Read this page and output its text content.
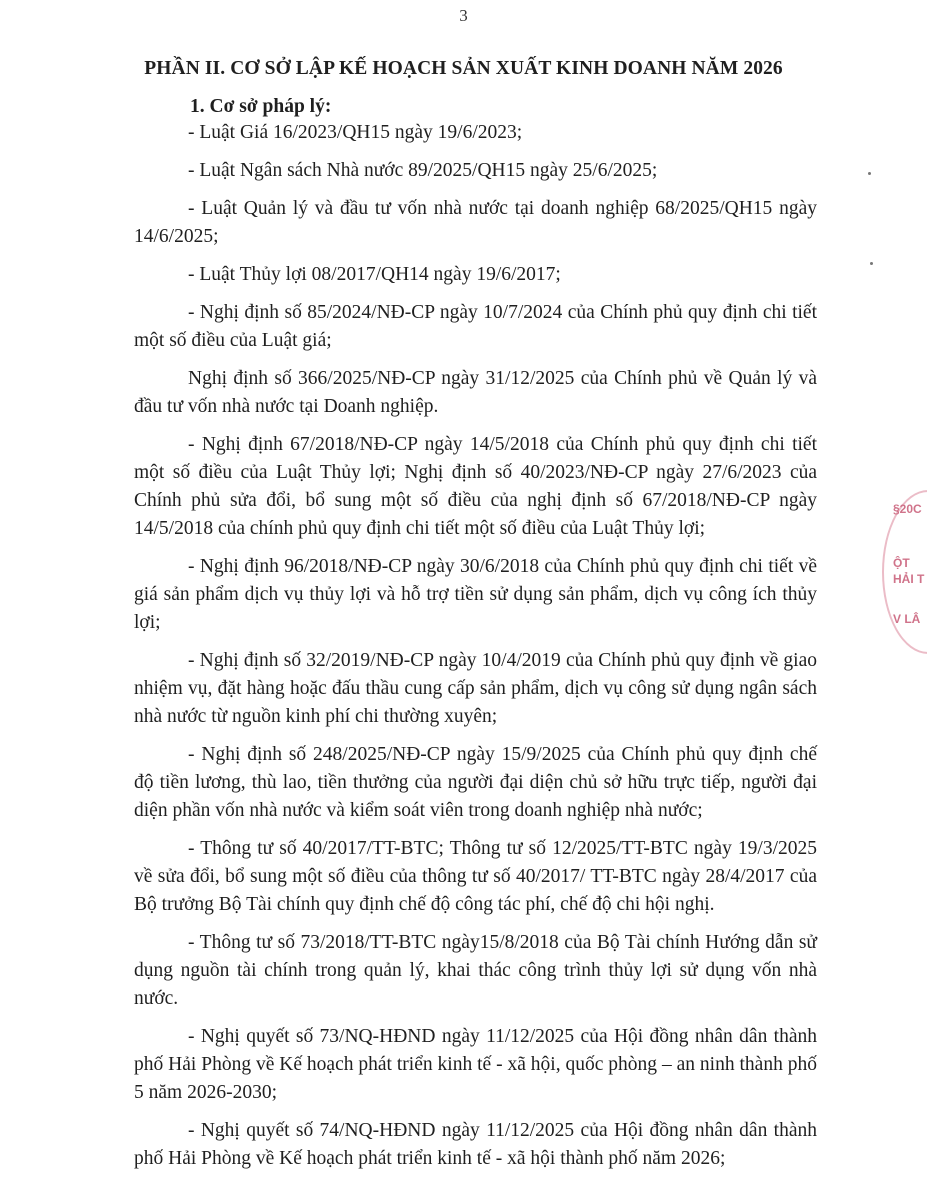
3
PHẦN II. CƠ SỞ LẬP KẾ HOẠCH SẢN XUẤT KINH DOANH NĂM 2026
1. Cơ sở pháp lý:

- Luật Giá 16/2023/QH15 ngày 19/6/2023;

- Luật Ngân sách Nhà nước 89/2025/QH15 ngày 25/6/2025;

- Luật Quản lý và đầu tư vốn nhà nước tại doanh nghiệp 68/2025/QH15 ngày 14/6/2025;

- Luật Thủy lợi 08/2017/QH14 ngày 19/6/2017;

- Nghị định số 85/2024/NĐ-CP ngày 10/7/2024 của Chính phủ quy định chi tiết một số điều của Luật giá;

Nghị định số 366/2025/NĐ-CP ngày 31/12/2025 của Chính phủ về Quản lý và đầu tư vốn nhà nước tại Doanh nghiệp.

- Nghị định 67/2018/NĐ-CP ngày 14/5/2018 của Chính phủ quy định chi tiết một số điều của Luật Thủy lợi; Nghị định số 40/2023/NĐ-CP ngày 27/6/2023 của Chính phủ sửa đổi, bổ sung một số điều của nghị định số 67/2018/NĐ-CP ngày 14/5/2018 của chính phủ quy định chi tiết một số điều của Luật Thủy lợi;

- Nghị định 96/2018/NĐ-CP ngày 30/6/2018 của Chính phủ quy định chi tiết về giá sản phẩm dịch vụ thủy lợi và hỗ trợ tiền sử dụng sản phẩm, dịch vụ công ích thủy lợi;

- Nghị định số 32/2019/NĐ-CP ngày 10/4/2019 của Chính phủ quy định về giao nhiệm vụ, đặt hàng hoặc đấu thầu cung cấp sản phẩm, dịch vụ công sử dụng ngân sách nhà nước từ nguồn kinh phí chi thường xuyên;

- Nghị định số 248/2025/NĐ-CP ngày 15/9/2025 của Chính phủ quy định chế độ tiền lương, thù lao, tiền thưởng của người đại diện chủ sở hữu trực tiếp, người đại diện phần vốn nhà nước và kiểm soát viên trong doanh nghiệp nhà nước;

- Thông tư số 40/2017/TT-BTC; Thông tư số 12/2025/TT-BTC ngày 19/3/2025 về sửa đổi, bổ sung một số điều của thông tư số 40/2017/ TT-BTC ngày 28/4/2017 của Bộ trưởng Bộ Tài chính quy định chế độ công tác phí, chế độ chi hội nghị.

- Thông tư số 73/2018/TT-BTC ngày15/8/2018 của Bộ Tài chính Hướng dẫn sử dụng nguồn tài chính trong quản lý, khai thác công trình thủy lợi sử dụng vốn nhà nước.

- Nghị quyết số 73/NQ-HĐND ngày 11/12/2025 của Hội đồng nhân dân thành phố Hải Phòng về Kế hoạch phát triển kinh tế - xã hội, quốc phòng – an ninh thành phố 5 năm 2026-2030;

- Nghị quyết số 74/NQ-HĐND ngày 11/12/2025 của Hội đồng nhân dân thành phố Hải Phòng về Kế hoạch phát triển kinh tế - xã hội thành phố năm 2026;

§20C
ỘT
HẢI T
V LÂ
